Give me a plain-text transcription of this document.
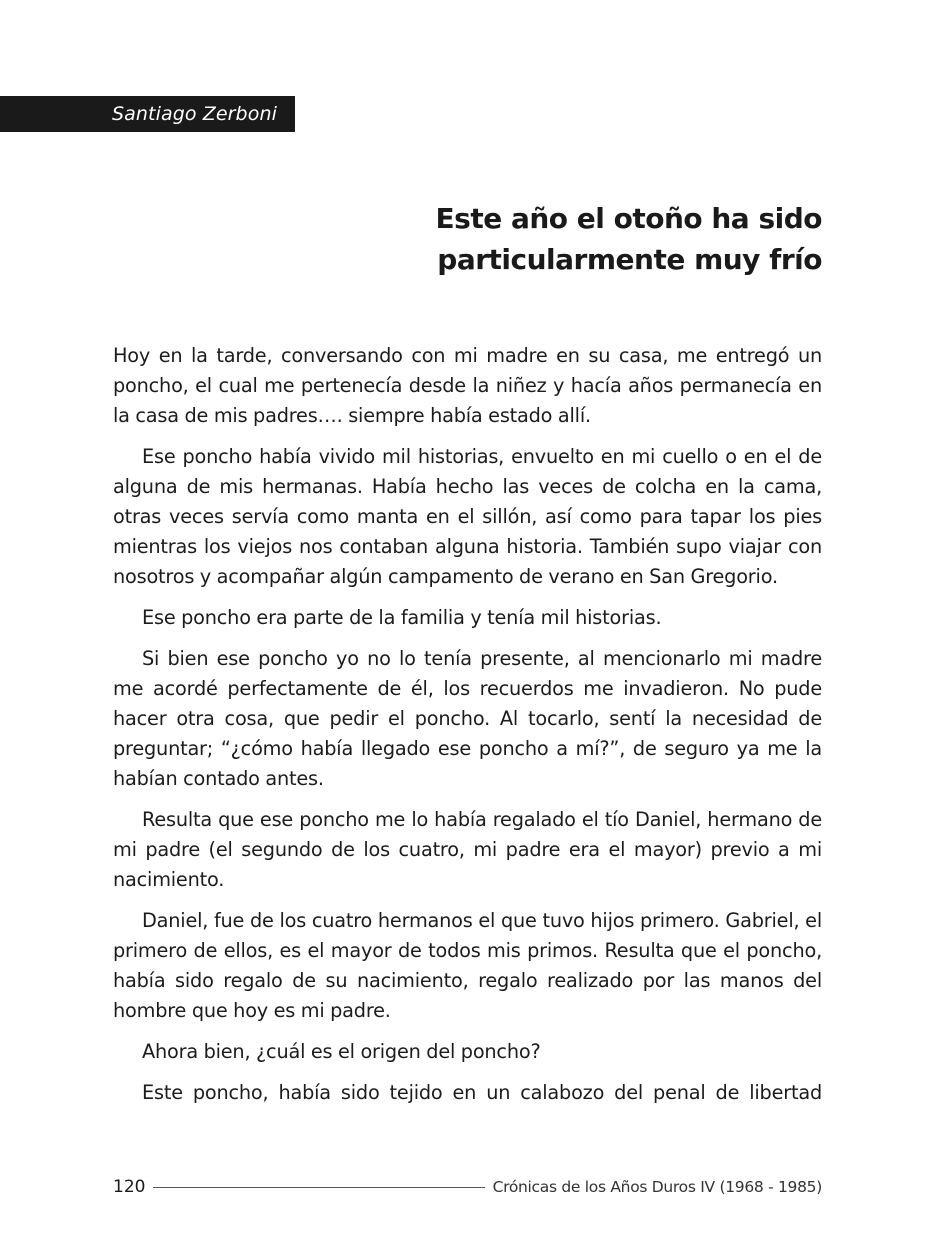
Santiago Zerboni
Este año el otoño ha sido
particularmente muy frío

Hoy en la tarde, conversando con mi madre en su casa, me entregó un poncho, el cual me pertenecía desde la niñez y hacía años permanecía en la casa de mis padres…. siempre había estado allí.

Ese poncho había vivido mil historias, envuelto en mi cuello o en el de alguna de mis hermanas. Había hecho las veces de colcha en la cama, otras veces servía como manta en el sillón, así como para tapar los pies mientras los viejos nos contaban alguna historia. También supo viajar con nosotros y acompañar algún campamento de verano en San Gregorio.

Ese poncho era parte de la familia y tenía mil historias.

Si bien ese poncho yo no lo tenía presente, al mencionarlo mi madre me acordé perfectamente de él, los recuerdos me invadieron. No pude hacer otra cosa, que pedir el poncho. Al tocarlo, sentí la necesidad de preguntar; “¿cómo había llegado ese poncho a mí?”, de seguro ya me la habían contado antes.

Resulta que ese poncho me lo había regalado el tío Daniel, hermano de mi padre (el segundo de los cuatro, mi padre era el mayor) previo a mi nacimiento.

Daniel, fue de los cuatro hermanos el que tuvo hijos primero. Gabriel, el primero de ellos, es el mayor de todos mis primos. Resulta que el poncho, había sido regalo de su nacimiento, regalo realizado por las manos del hombre que hoy es mi padre.

Ahora bien, ¿cuál es el origen del poncho?

Este poncho, había sido tejido en un calabozo del penal de libertad

120	Crónicas de los Años Duros IV (1968 - 1985)
